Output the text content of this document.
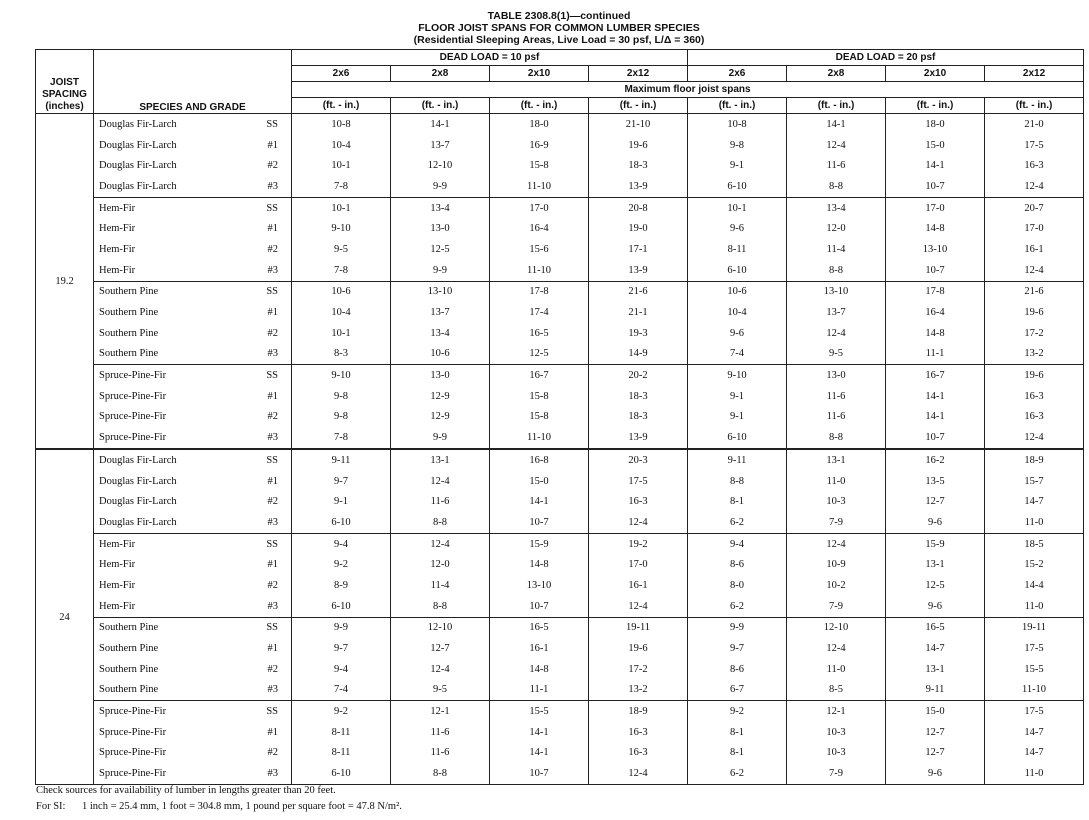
TABLE 2308.8(1)—continued
FLOOR JOIST SPANS FOR COMMON LUMBER SPECIES
(Residential Sleeping Areas, Live Load = 30 psf, L/Δ = 360)
JOIST
SPACING
(inches)	SPECIES AND GRADE		DEAD LOAD = 10 psf				DEAD LOAD = 20 psf			
			2x6	2x8	2x10	2x12	2x6	2x8	2x10	2x12
			Maximum floor joist spans							
			(ft. - in.)	(ft. - in.)	(ft. - in.)	(ft. - in.)	(ft. - in.)	(ft. - in.)	(ft. - in.)	(ft. - in.)
19.2	Douglas Fir-Larch	SS	10-8	14-1	18-0	21-10	10-8	14-1	18-0	21-0
	Douglas Fir-Larch	#1	10-4	13-7	16-9	19-6	9-8	12-4	15-0	17-5
	Douglas Fir-Larch	#2	10-1	12-10	15-8	18-3	9-1	11-6	14-1	16-3
	Douglas Fir-Larch	#3	7-8	9-9	11-10	13-9	6-10	8-8	10-7	12-4
	Hem-Fir	SS	10-1	13-4	17-0	20-8	10-1	13-4	17-0	20-7
	Hem-Fir	#1	9-10	13-0	16-4	19-0	9-6	12-0	14-8	17-0
	Hem-Fir	#2	9-5	12-5	15-6	17-1	8-11	11-4	13-10	16-1
	Hem-Fir	#3	7-8	9-9	11-10	13-9	6-10	8-8	10-7	12-4
	Southern Pine	SS	10-6	13-10	17-8	21-6	10-6	13-10	17-8	21-6
	Southern Pine	#1	10-4	13-7	17-4	21-1	10-4	13-7	16-4	19-6
	Southern Pine	#2	10-1	13-4	16-5	19-3	9-6	12-4	14-8	17-2
	Southern Pine	#3	8-3	10-6	12-5	14-9	7-4	9-5	11-1	13-2
	Spruce-Pine-Fir	SS	9-10	13-0	16-7	20-2	9-10	13-0	16-7	19-6
	Spruce-Pine-Fir	#1	9-8	12-9	15-8	18-3	9-1	11-6	14-1	16-3
	Spruce-Pine-Fir	#2	9-8	12-9	15-8	18-3	9-1	11-6	14-1	16-3
	Spruce-Pine-Fir	#3	7-8	9-9	11-10	13-9	6-10	8-8	10-7	12-4
24	Douglas Fir-Larch	SS	9-11	13-1	16-8	20-3	9-11	13-1	16-2	18-9
	Douglas Fir-Larch	#1	9-7	12-4	15-0	17-5	8-8	11-0	13-5	15-7
	Douglas Fir-Larch	#2	9-1	11-6	14-1	16-3	8-1	10-3	12-7	14-7
	Douglas Fir-Larch	#3	6-10	8-8	10-7	12-4	6-2	7-9	9-6	11-0
	Hem-Fir	SS	9-4	12-4	15-9	19-2	9-4	12-4	15-9	18-5
	Hem-Fir	#1	9-2	12-0	14-8	17-0	8-6	10-9	13-1	15-2
	Hem-Fir	#2	8-9	11-4	13-10	16-1	8-0	10-2	12-5	14-4
	Hem-Fir	#3	6-10	8-8	10-7	12-4	6-2	7-9	9-6	11-0
	Southern Pine	SS	9-9	12-10	16-5	19-11	9-9	12-10	16-5	19-11
	Southern Pine	#1	9-7	12-7	16-1	19-6	9-7	12-4	14-7	17-5
	Southern Pine	#2	9-4	12-4	14-8	17-2	8-6	11-0	13-1	15-5
	Southern Pine	#3	7-4	9-5	11-1	13-2	6-7	8-5	9-11	11-10
	Spruce-Pine-Fir	SS	9-2	12-1	15-5	18-9	9-2	12-1	15-0	17-5
	Spruce-Pine-Fir	#1	8-11	11-6	14-1	16-3	8-1	10-3	12-7	14-7
	Spruce-Pine-Fir	#2	8-11	11-6	14-1	16-3	8-1	10-3	12-7	14-7
	Spruce-Pine-Fir	#3	6-10	8-8	10-7	12-4	6-2	7-9	9-6	11-0
Check sources for availability of lumber in lengths greater than 20 feet.
For SI: 1 inch = 25.4 mm, 1 foot = 304.8 mm, 1 pound per square foot = 47.8 N/m².
